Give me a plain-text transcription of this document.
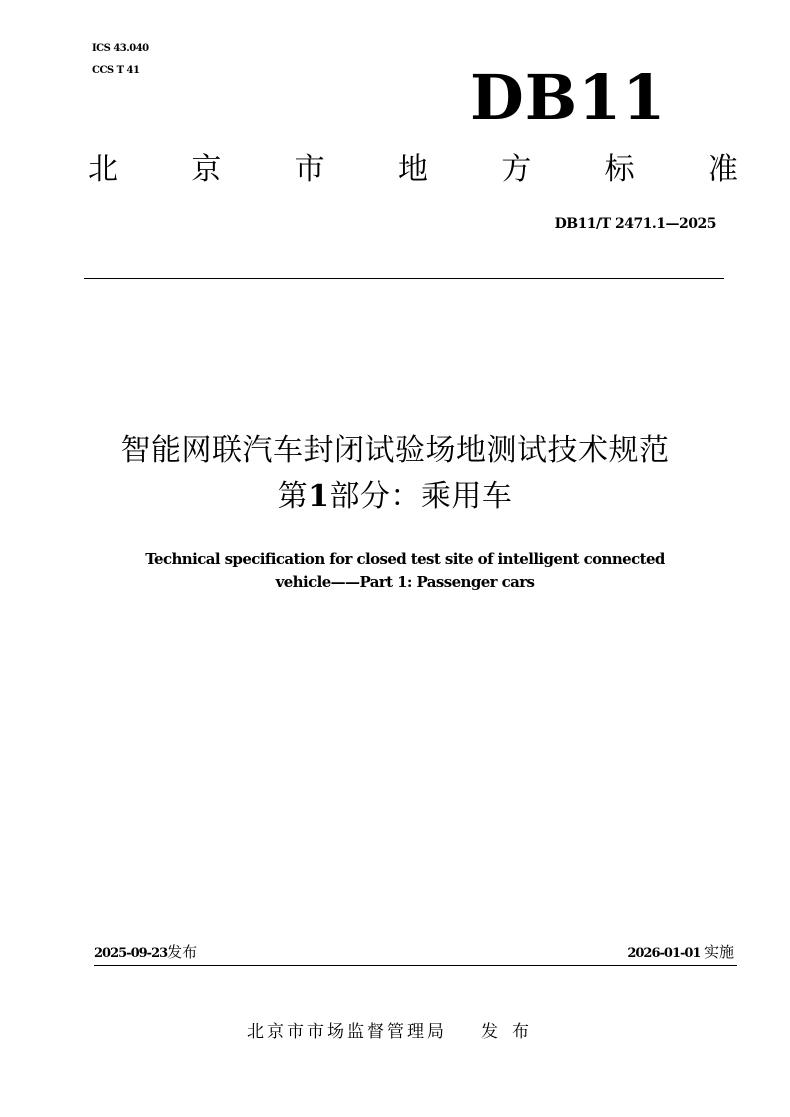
ICS 43.040
CCS T 41	DB11
北 京 市 地 方 标 准
DB11/T 2471.1—2025
智能网联汽车封闭试验场地测试技术规范
第1部分：乘用车
Technical specification for closed test site of intelligent connected
vehicle——Part 1: Passenger cars
2025-09-23发布	2026-01-01 实施
北京市市场监督管理局 发布
